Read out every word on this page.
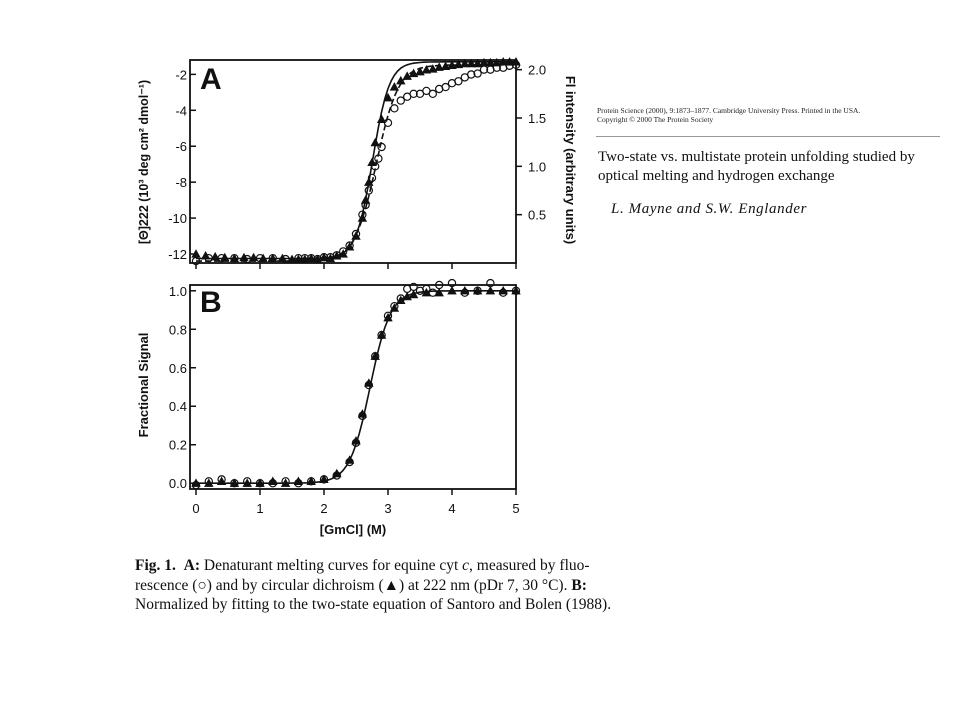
A
-12
-10
-8
-6
-4
-2
0.5
1.0
1.5
2.0
[Θ]222 (10³ deg cm² dmol⁻¹)	Fl intensity (arbitrary units)
B
0	1	2	3	4	5
0.0
0.2
0.4
0.6
0.8
1.0
Fractional Signal
[GmCl] (M)
Protein Science (2000), 9:1873–1877. Cambridge University Press. Printed in the USA.
Copyright © 2000 The Protein Society
Two-state vs. multistate protein unfolding studied by optical melting and hydrogen exchange
L. Mayne and S.W. Englander
Fig. 1. A: Denaturant melting curves for equine cyt c, measured by fluo-rescence (○) and by circular dichroism (▲) at 222 nm (pDr 7, 30 °C). B: Normalized by fitting to the two-state equation of Santoro and Bolen (1988).
